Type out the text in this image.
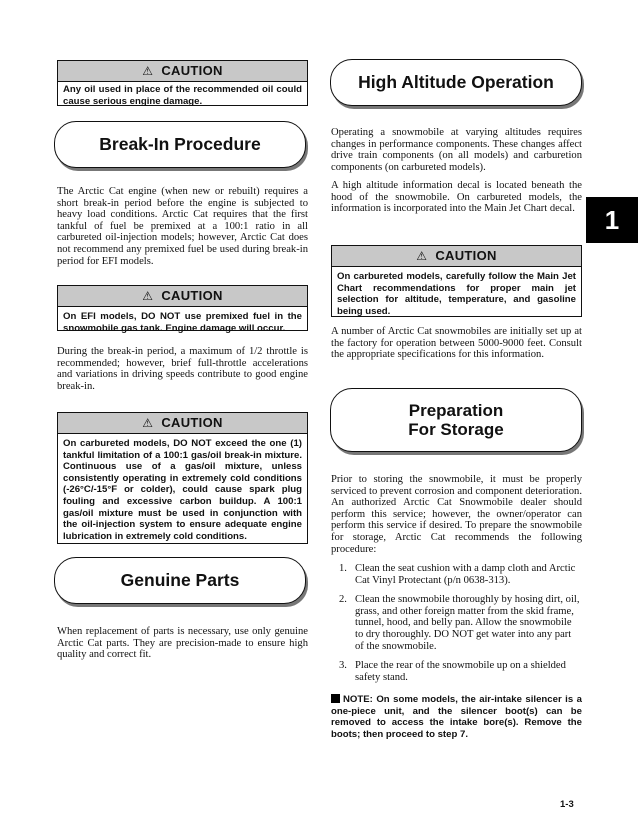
⚠ CAUTION
Any oil used in place of the recommended oil could cause serious engine damage.
Break-In Procedure
The Arctic Cat engine (when new or rebuilt) requires a short break-in period before the engine is subjected to heavy load conditions. Arctic Cat requires that the first tankful of fuel be premixed at a 100:1 ratio in all carbureted oil-injection models; however, Arctic Cat does not recommend any premixed fuel be used during break-in period for EFI models.
⚠ CAUTION
On EFI models, DO NOT use premixed fuel in the snowmobile gas tank. Engine damage will occur.
During the break-in period, a maximum of 1/2 throttle is recommended; however, brief full-throttle accelerations and variations in driving speeds contribute to good engine break-in.
⚠ CAUTION
On carbureted models, DO NOT exceed the one (1) tankful limitation of a 100:1 gas/oil break-in mixture. Continuous use of a gas/oil mixture, unless consistently operating in extremely cold conditions (-26°C/-15°F or colder), could cause spark plug fouling and excessive carbon buildup. A 100:1 gas/oil mixture must be used in conjunction with the oil-injection system to ensure adequate engine lubrication in extremely cold conditions.
Genuine Parts
When replacement of parts is necessary, use only genuine Arctic Cat parts. They are precision-made to ensure high quality and correct fit.
High Altitude Operation
Operating a snowmobile at varying altitudes requires changes in performance components. These changes affect drive train components (on all models) and carburetion components (on carbureted models).
A high altitude information decal is located beneath the hood of the snowmobile. On carbureted models, the information is incorporated into the Main Jet Chart decal.	1
⚠ CAUTION
On carbureted models, carefully follow the Main Jet Chart recommendations for proper main jet selection for altitude, temperature, and gasoline being used.
A number of Arctic Cat snowmobiles are initially set up at the factory for operation between 5000-9000 feet. Consult the appropriate specifications for this information.
Preparation
For Storage
Prior to storing the snowmobile, it must be properly serviced to prevent corrosion and component deterioration. An authorized Arctic Cat Snowmobile dealer should perform this service; however, the owner/operator can perform this service if desired. To prepare the snowmobile for storage, Arctic Cat recommends the following procedure:
1. Clean the seat cushion with a damp cloth and Arctic Cat Vinyl Protectant (p/n 0638-313).
2. Clean the snowmobile thoroughly by hosing dirt, oil, grass, and other foreign matter from the skid frame, tunnel, hood, and belly pan. Allow the snowmobile to dry thoroughly. DO NOT get water into any part of the snowmobile.
3. Place the rear of the snowmobile up on a shielded safety stand.
NOTE: On some models, the air-intake silencer is a one-piece unit, and the silencer boot(s) can be removed to access the intake bore(s). Remove the boots; then proceed to step 7.
1-3
